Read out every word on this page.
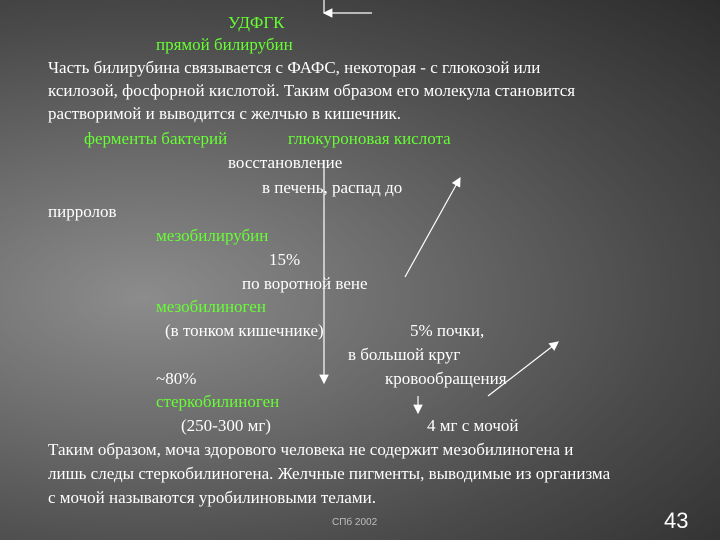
УДФГК
прямой билирубин
Часть билирубина связывается с ФАФС, некоторая - с глюкозой или
ксилозой, фосфорной кислотой. Таким образом его молекула становится
растворимой и выводится с желчью в кишечник.
ферменты бактерий	глюкуроновая кислота
восстановление
в печень, распад до
пирролов
мезобилирубин
15%
по воротной вене
мезобилиноген
(в тонком кишечнике)	5% почки,
в большой круг
~80%	кровообращения
стеркобилиноген
(250-300 мг)	4 мг с мочой
Таким образом, моча здорового человека не содержит мезобилиногена и
лишь следы стеркобилиногена. Желчные пигменты, выводимые из организма
с мочой называются уробилиновыми телами.
СПб 2002	43
